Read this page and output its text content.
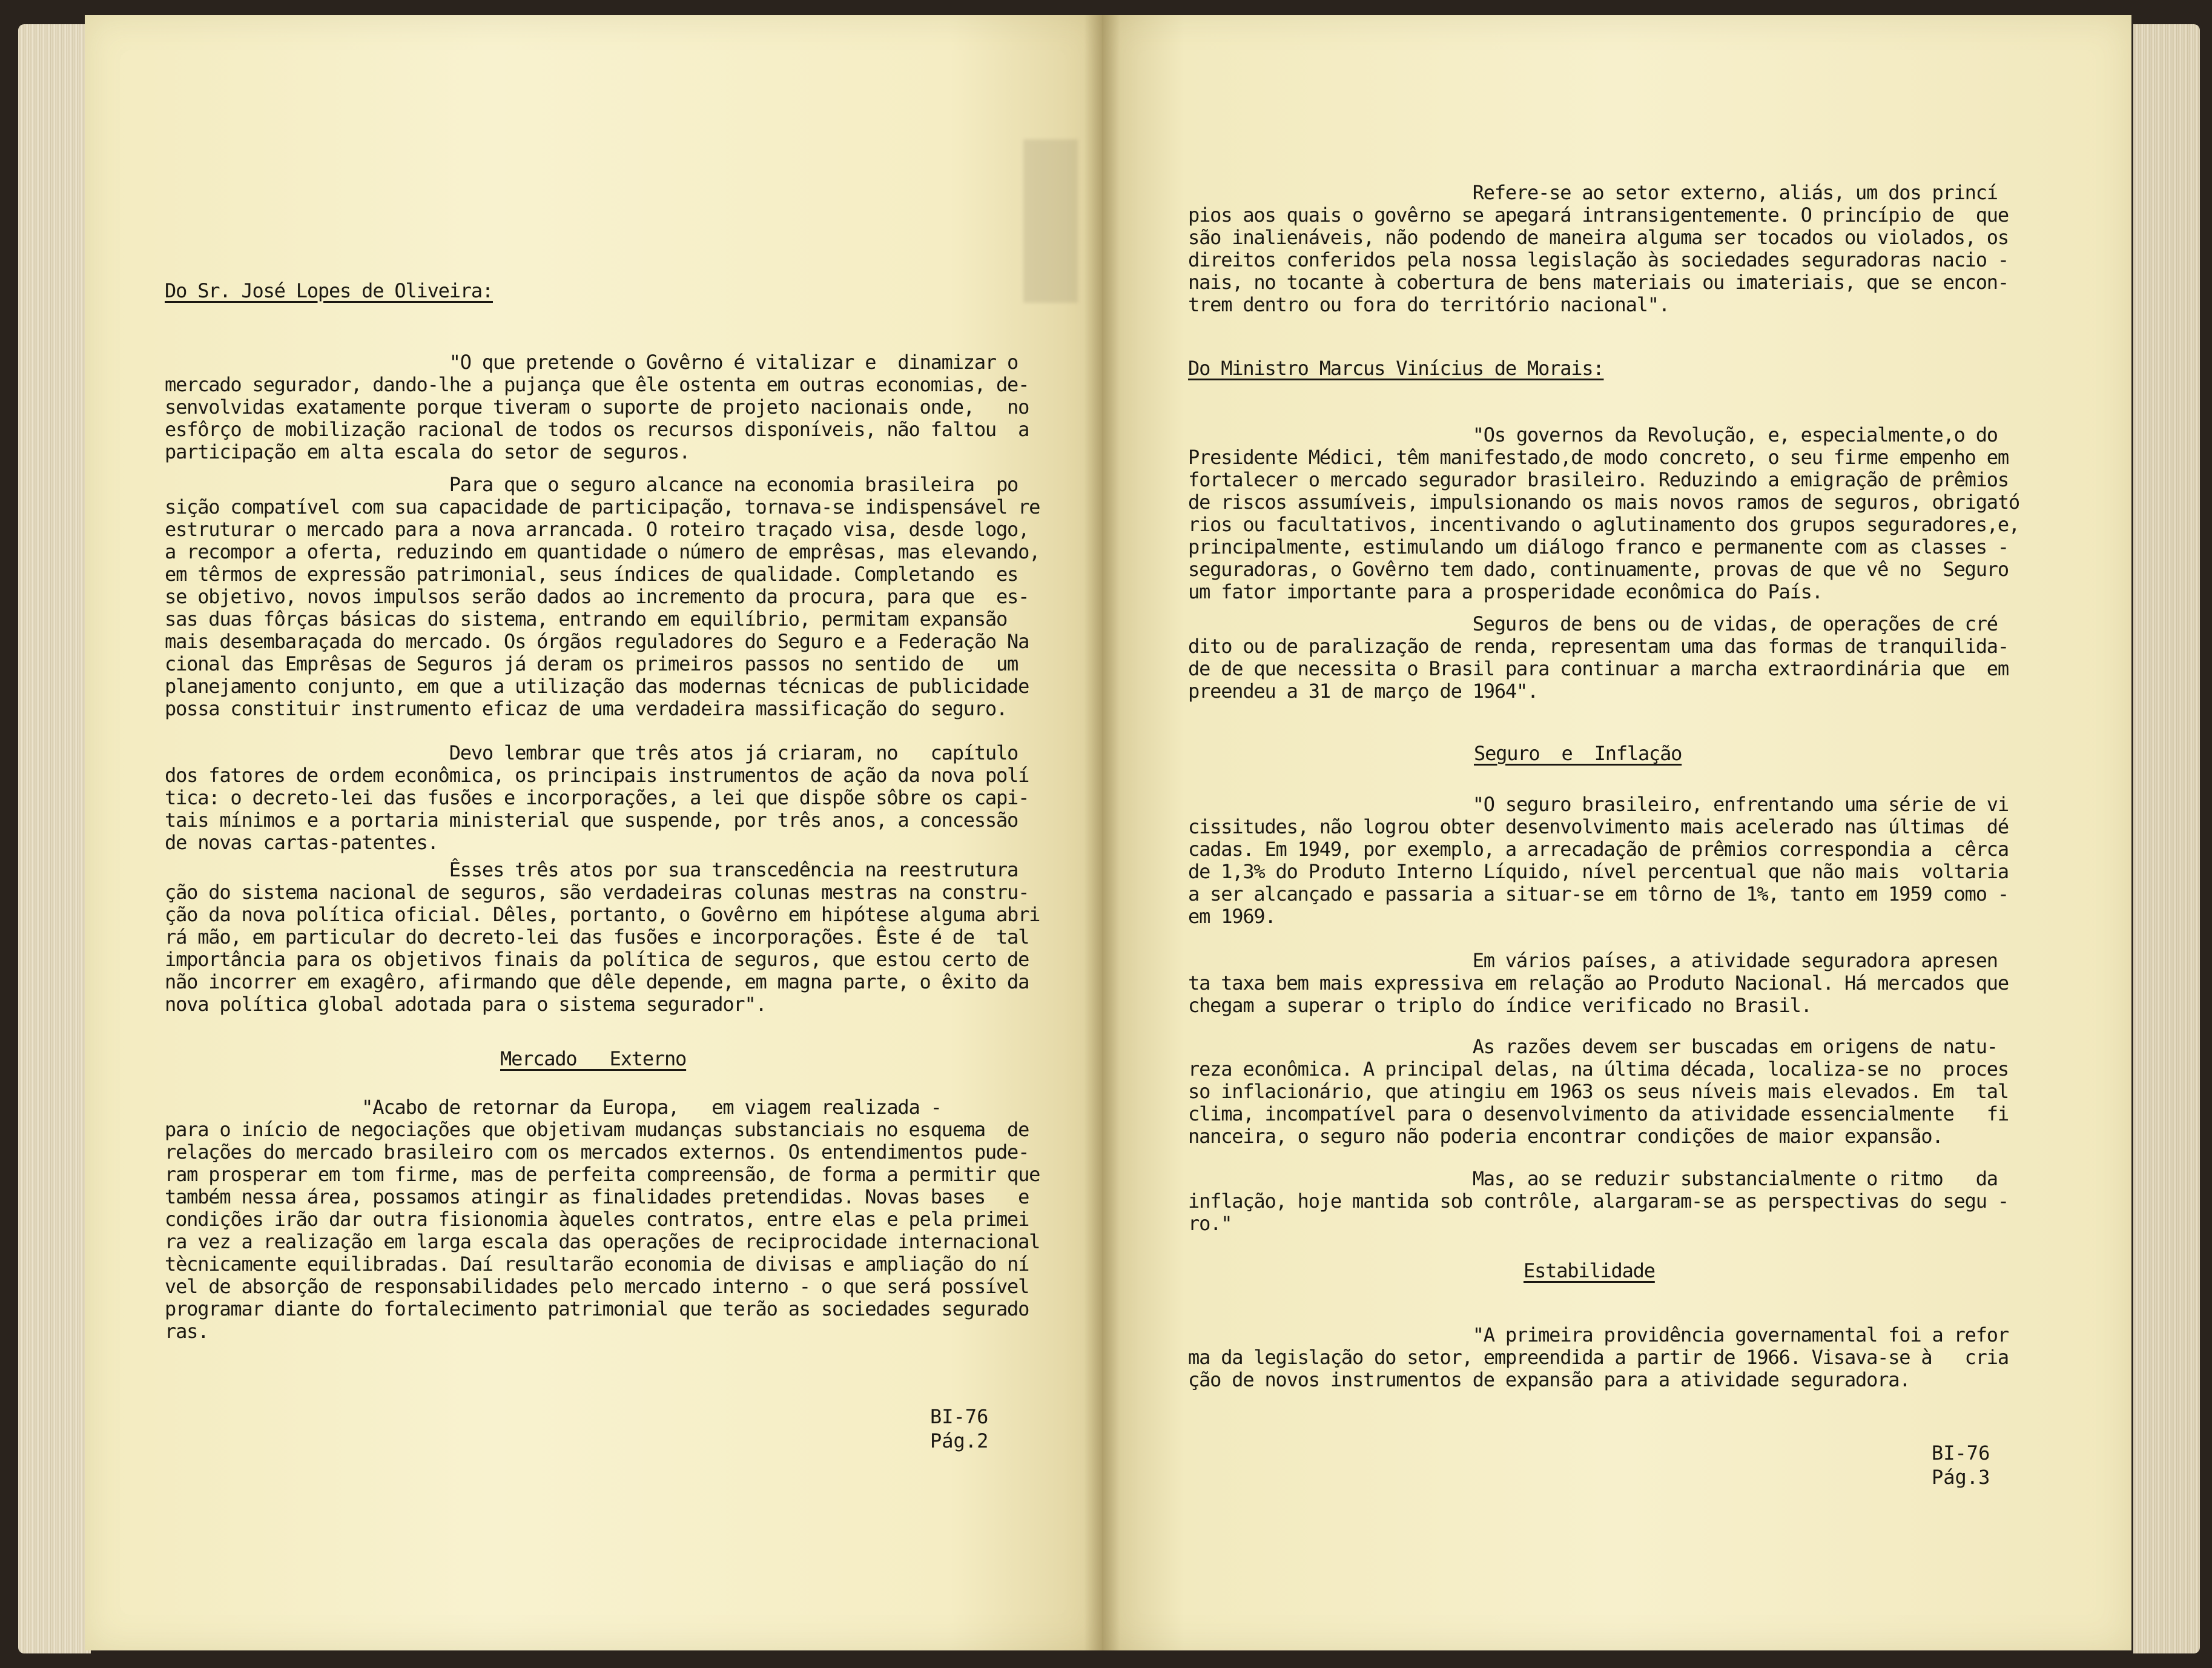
Do Sr. José Lopes de Oliveira:
"O que pretende o Govêrno é vitalizar e  dinamizar o
mercado segurador, dando-lhe a pujança que êle ostenta em outras economias, de-
senvolvidas exatamente porque tiveram o suporte de projeto nacionais onde,   no
esfôrço de mobilização racional de todos os recursos disponíveis, não faltou  a
participação em alta escala do setor de seguros.
Para que o seguro alcance na economia brasileira  po
sição compatível com sua capacidade de participação, tornava-se indispensável re
estruturar o mercado para a nova arrancada. O roteiro traçado visa, desde logo,
a recompor a oferta, reduzindo em quantidade o número de emprêsas, mas elevando,
em têrmos de expressão patrimonial, seus índices de qualidade. Completando  es
se objetivo, novos impulsos serão dados ao incremento da procura, para que  es-
sas duas fôrças básicas do sistema, entrando em equilíbrio, permitam expansão
mais desembaraçada do mercado. Os órgãos reguladores do Seguro e a Federação Na
cional das Emprêsas de Seguros já deram os primeiros passos no sentido de   um
planejamento conjunto, em que a utilização das modernas técnicas de publicidade
possa constituir instrumento eficaz de uma verdadeira massificação do seguro.
Devo lembrar que três atos já criaram, no   capítulo
dos fatores de ordem econômica, os principais instrumentos de ação da nova polí
tica: o decreto-lei das fusões e incorporações, a lei que dispõe sôbre os capi-
tais mínimos e a portaria ministerial que suspende, por três anos, a concessão
de novas cartas-patentes.
Êsses três atos por sua transcedência na reestrutura
ção do sistema nacional de seguros, são verdadeiras colunas mestras na constru-
ção da nova política oficial. Dêles, portanto, o Govêrno em hipótese alguma abri
rá mão, em particular do decreto-lei das fusões e incorporações. Êste é de  tal
importância para os objetivos finais da política de seguros, que estou certo de
não incorrer em exagêro, afirmando que dêle depende, em magna parte, o êxito da
nova política global adotada para o sistema segurador".
Mercado   Externo
"Acabo de retornar da Europa,   em viagem realizada -
para o início de negociações que objetivam mudanças substanciais no esquema  de
relações do mercado brasileiro com os mercados externos. Os entendimentos pude-
ram prosperar em tom firme, mas de perfeita compreensão, de forma a permitir que
também nessa área, possamos atingir as finalidades pretendidas. Novas bases   e
condições irão dar outra fisionomia àqueles contratos, entre elas e pela primei
ra vez a realização em larga escala das operações de reciprocidade internacional
tècnicamente equilibradas. Daí resultarão economia de divisas e ampliação do ní
vel de absorção de responsabilidades pelo mercado interno - o que será possível
programar diante do fortalecimento patrimonial que terão as sociedades segurado
ras.
BI-76
Pág.2
Refere-se ao setor externo, aliás, um dos princí
pios aos quais o govêrno se apegará intransigentemente. O princípio de  que
são inalienáveis, não podendo de maneira alguma ser tocados ou violados, os
direitos conferidos pela nossa legislação às sociedades seguradoras nacio -
nais, no tocante à cobertura de bens materiais ou imateriais, que se encon-
trem dentro ou fora do território nacional".
Do Ministro Marcus Vinícius de Morais:
"Os governos da Revolução, e, especialmente,o do
Presidente Médici, têm manifestado,de modo concreto, o seu firme empenho em
fortalecer o mercado segurador brasileiro. Reduzindo a emigração de prêmios
de riscos assumíveis, impulsionando os mais novos ramos de seguros, obrigató
rios ou facultativos, incentivando o aglutinamento dos grupos seguradores,e,
principalmente, estimulando um diálogo franco e permanente com as classes -
seguradoras, o Govêrno tem dado, continuamente, provas de que vê no  Seguro
um fator importante para a prosperidade econômica do País.
Seguros de bens ou de vidas, de operações de cré
dito ou de paralização de renda, representam uma das formas de tranquilida-
de de que necessita o Brasil para continuar a marcha extraordinária que  em
preendeu a 31 de março de 1964".
Seguro  e  Inflação
"O seguro brasileiro, enfrentando uma série de vi
cissitudes, não logrou obter desenvolvimento mais acelerado nas últimas  dé
cadas. Em 1949, por exemplo, a arrecadação de prêmios correspondia a  cêrca
de 1,3% do Produto Interno Líquido, nível percentual que não mais  voltaria
a ser alcançado e passaria a situar-se em tôrno de 1%, tanto em 1959 como -
em 1969.
Em vários países, a atividade seguradora apresen
ta taxa bem mais expressiva em relação ao Produto Nacional. Há mercados que
chegam a superar o triplo do índice verificado no Brasil.
As razões devem ser buscadas em origens de natu-
reza econômica. A principal delas, na última década, localiza-se no  proces
so inflacionário, que atingiu em 1963 os seus níveis mais elevados. Em  tal
clima, incompatível para o desenvolvimento da atividade essencialmente   fi
nanceira, o seguro não poderia encontrar condições de maior expansão.
Mas, ao se reduzir substancialmente o ritmo   da
inflação, hoje mantida sob contrôle, alargaram-se as perspectivas do segu -
ro."
Estabilidade
"A primeira providência governamental foi a refor
ma da legislação do setor, empreendida a partir de 1966. Visava-se à   cria
ção de novos instrumentos de expansão para a atividade seguradora.
BI-76
Pág.3
